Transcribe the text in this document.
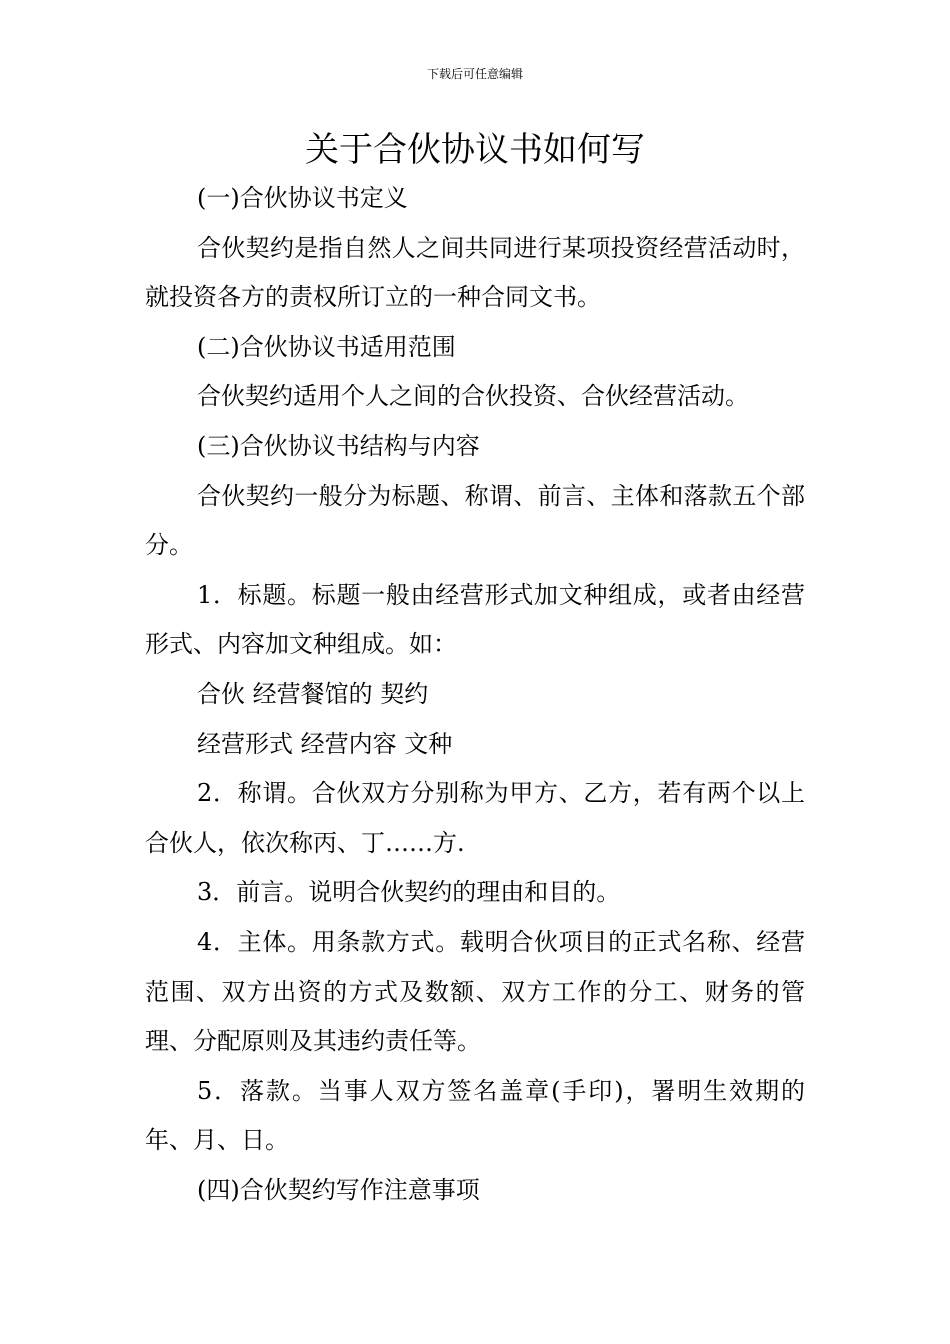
下载后可任意编辑
关于合伙协议书如何写

(一)合伙协议书定义

合伙契约是指自然人之间共同进行某项投资经营活动时，就投资各方的责权所订立的一种合同文书。

(二)合伙协议书适用范围

合伙契约适用个人之间的合伙投资、合伙经营活动。

(三)合伙协议书结构与内容

合伙契约一般分为标题、称谓、前言、主体和落款五个部分。

1．标题。标题一般由经营形式加文种组成，或者由经营形式、内容加文种组成。如：

合伙 经营餐馆的 契约

经营形式 经营内容 文种

2．称谓。合伙双方分别称为甲方、乙方，若有两个以上合伙人，依次称丙、丁……方.

3．前言。说明合伙契约的理由和目的。

4．主体。用条款方式。载明合伙项目的正式名称、经营范围、双方出资的方式及数额、双方工作的分工、财务的管理、分配原则及其违约责任等。

5．落款。当事人双方签名盖章(手印)，署明生效期的年、月、日。

(四)合伙契约写作注意事项
